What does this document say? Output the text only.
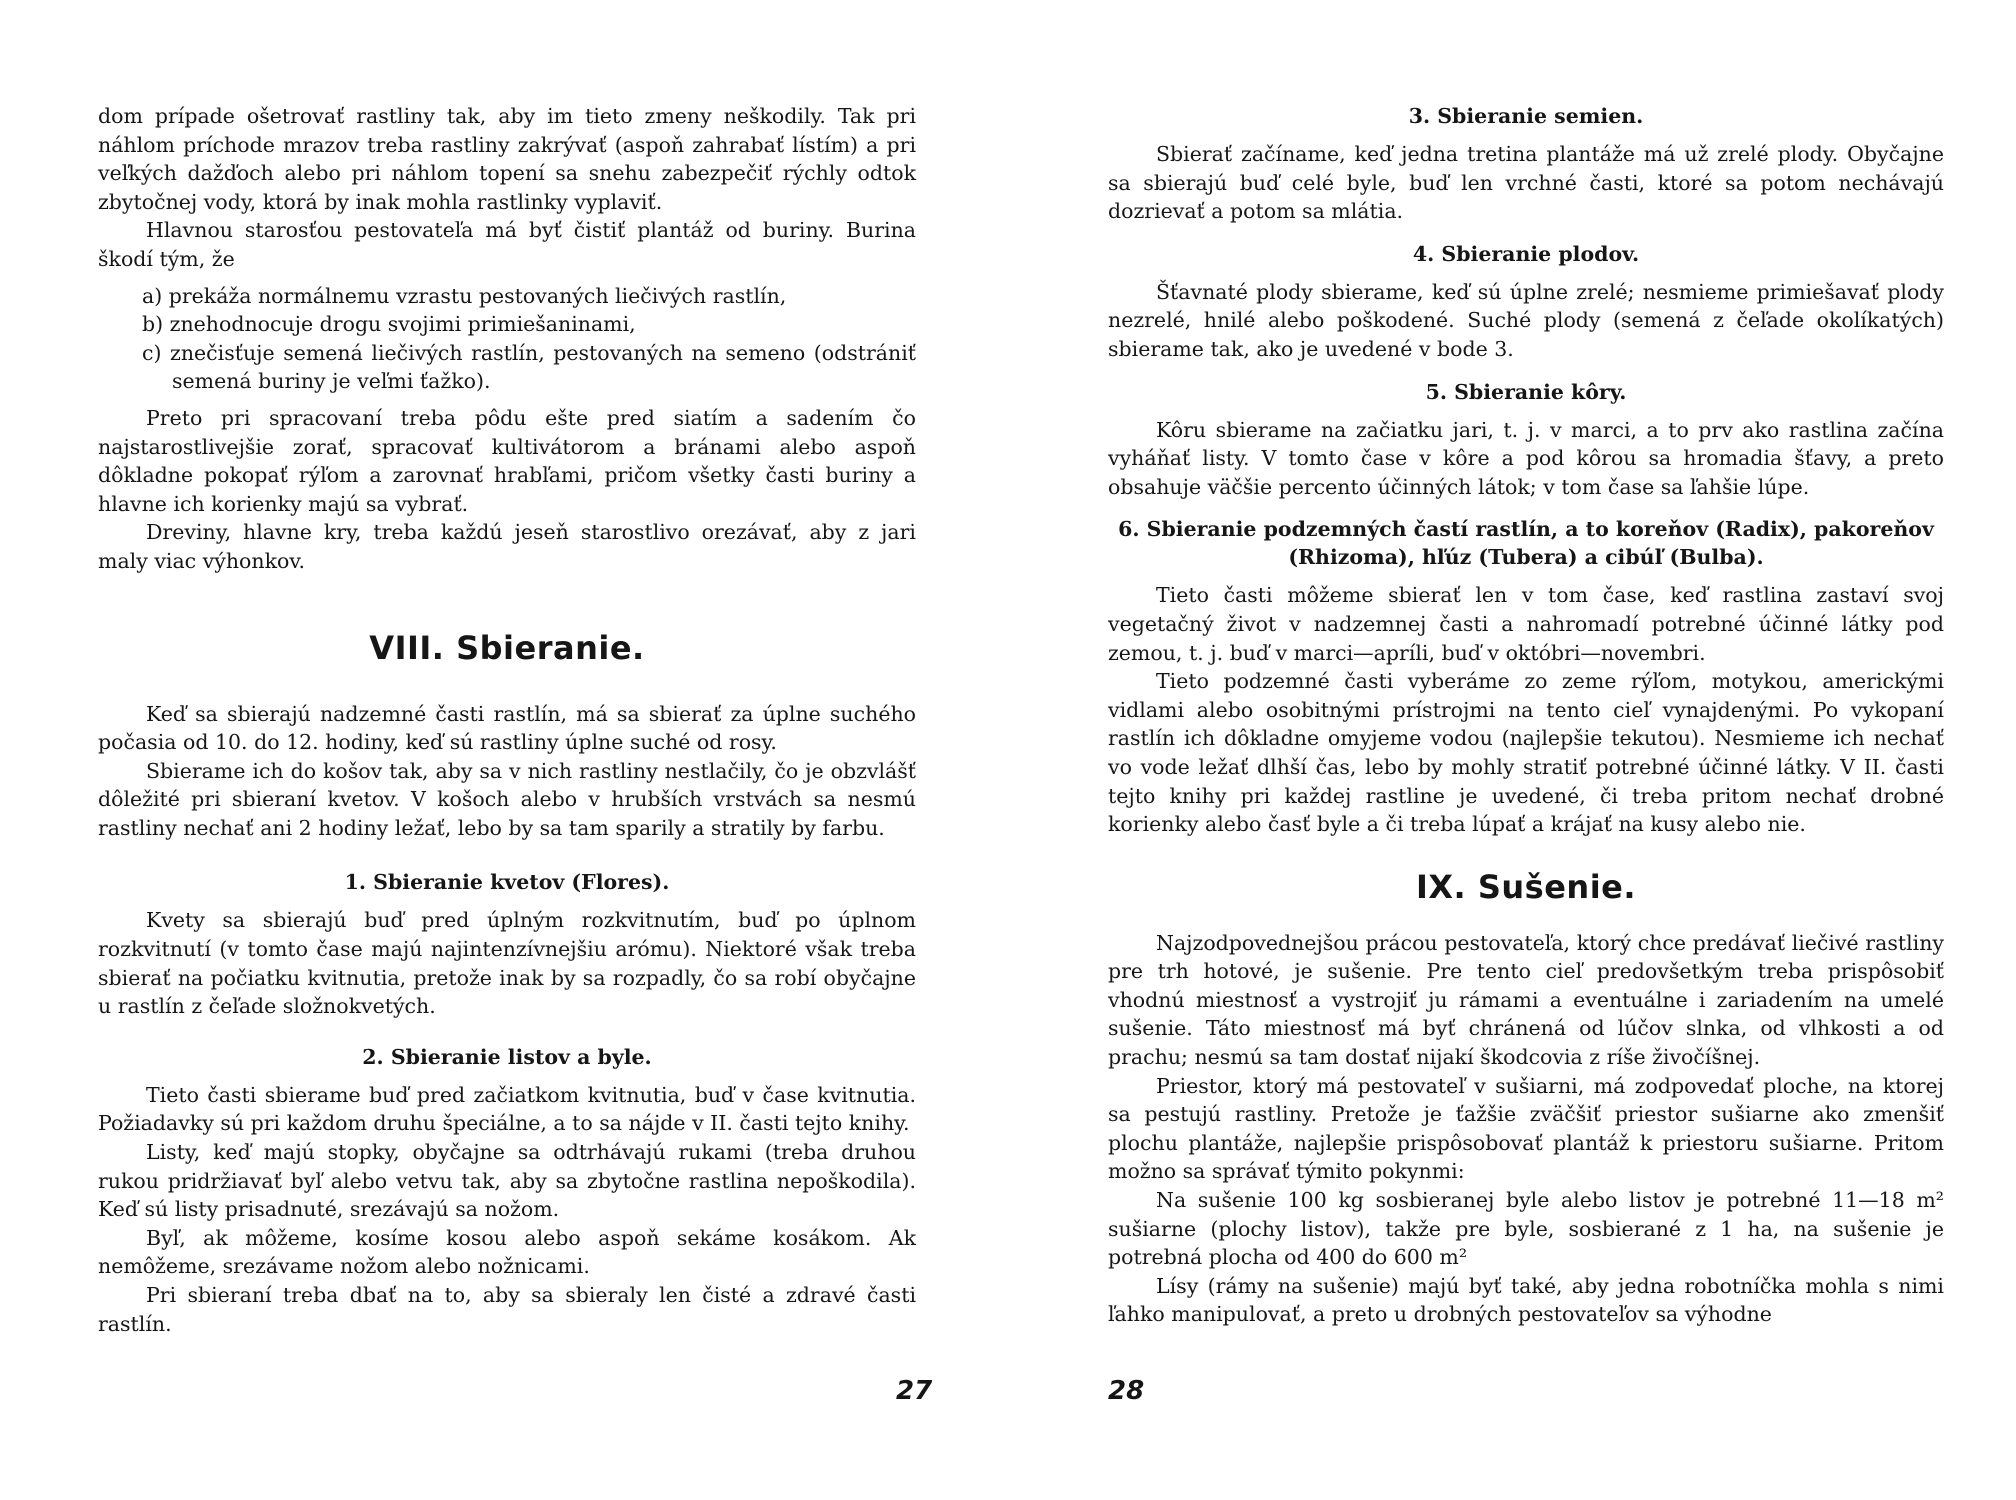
dom prípade ošetrovať rastliny tak, aby im tieto zmeny neškodily. Tak pri náhlom príchode mrazov treba rastliny zakrývať (aspoň zahrabať lístím) a pri veľkých dažďoch alebo pri náhlom topení sa snehu zabezpečiť rýchly odtok zbytočnej vody, ktorá by inak mohla rastlinky vyplaviť.

Hlavnou starosťou pestovateľa má byť čistiť plantáž od buriny. Burina škodí tým, že

a) prekáža normálnemu vzrastu pestovaných liečivých rastlín,
b) znehodnocuje drogu svojimi primiešaninami,
c) znečisťuje semená liečivých rastlín, pestovaných na semeno (odstrániť semená buriny je veľmi ťažko).

Preto pri spracovaní treba pôdu ešte pred siatím a sadením čo najstarostlivejšie zorať, spracovať kultivátorom a bránami alebo aspoň dôkladne pokopať rýľom a zarovnať hrabľami, pričom všetky časti buriny a hlavne ich korienky majú sa vybrať.

Dreviny, hlavne kry, treba každú jeseň starostlivo orezávať, aby z jari maly viac výhonkov.

VIII. Sbieranie.

Keď sa sbierajú nadzemné časti rastlín, má sa sbierať za úplne suchého počasia od 10. do 12. hodiny, keď sú rastliny úplne suché od rosy.

Sbierame ich do košov tak, aby sa v nich rastliny nestlačily, čo je obzvlášť dôležité pri sbieraní kvetov. V košoch alebo v hrubších vrstvách sa nesmú rastliny nechať ani 2 hodiny ležať, lebo by sa tam sparily a stratily by farbu.

1. Sbieranie kvetov (Flores).

Kvety sa sbierajú buď pred úplným rozkvitnutím, buď po úplnom rozkvitnutí (v tomto čase majú najintenzívnejšiu arómu). Niektoré však treba sbierať na počiatku kvitnutia, pretože inak by sa rozpadly, čo sa robí obyčajne u rastlín z čeľade složnokvetých.

2. Sbieranie listov a byle.

Tieto časti sbierame buď pred začiatkom kvitnutia, buď v čase kvitnutia. Požiadavky sú pri každom druhu špeciálne, a to sa nájde v II. časti tejto knihy.

Listy, keď majú stopky, obyčajne sa odtrhávajú rukami (treba druhou rukou pridržiavať byľ alebo vetvu tak, aby sa zbytočne rastlina nepoškodila). Keď sú listy prisadnuté, srezávajú sa nožom.

Byľ, ak môžeme, kosíme kosou alebo aspoň sekáme kosákom. Ak nemôžeme, srezávame nožom alebo nožnicami.

Pri sbieraní treba dbať na to, aby sa sbieraly len čisté a zdravé časti rastlín.

27
3. Sbieranie semien.

Sbierať začíname, keď jedna tretina plantáže má už zrelé plody. Obyčajne sa sbierajú buď celé byle, buď len vrchné časti, ktoré sa potom nechávajú dozrievať a potom sa mlátia.

4. Sbieranie plodov.

Šťavnaté plody sbierame, keď sú úplne zrelé; nesmieme primiešavať plody nezrelé, hnilé alebo poškodené. Suché plody (semená z čeľade okolíkatých) sbierame tak, ako je uvedené v bode 3.

5. Sbieranie kôry.

Kôru sbierame na začiatku jari, t. j. v marci, a to prv ako rastlina začína vyháňať listy. V tomto čase v kôre a pod kôrou sa hromadia šťavy, a preto obsahuje väčšie percento účinných látok; v tom čase sa ľahšie lúpe.

6. Sbieranie podzemných častí rastlín, a to koreňov (Radix), pakoreňov (Rhizoma), hľúz (Tubera) a cibúľ (Bulba).

Tieto časti môžeme sbierať len v tom čase, keď rastlina zastaví svoj vegetačný život v nadzemnej časti a nahromadí potrebné účinné látky pod zemou, t. j. buď v marci—apríli, buď v októbri—novembri.

Tieto podzemné časti vyberáme zo zeme rýľom, motykou, americkými vidlami alebo osobitnými prístrojmi na tento cieľ vynajdenými. Po vykopaní rastlín ich dôkladne omyjeme vodou (najlepšie tekutou). Nesmieme ich nechať vo vode ležať dlhší čas, lebo by mohly stratiť potrebné účinné látky. V II. časti tejto knihy pri každej rastline je uvedené, či treba pritom nechať drobné korienky alebo časť byle a či treba lúpať a krájať na kusy alebo nie.

IX. Sušenie.

Najzodpovednejšou prácou pestovateľa, ktorý chce predávať liečivé rastliny pre trh hotové, je sušenie. Pre tento cieľ predovšetkým treba prispôsobiť vhodnú miestnosť a vystrojiť ju rámami a eventuálne i zariadením na umelé sušenie. Táto miestnosť má byť chránená od lúčov slnka, od vlhkosti a od prachu; nesmú sa tam dostať nijakí škodcovia z ríše živočíšnej.

Priestor, ktorý má pestovateľ v sušiarni, má zodpovedať ploche, na ktorej sa pestujú rastliny. Pretože je ťažšie zväčšiť priestor sušiarne ako zmenšiť plochu plantáže, najlepšie prispôsobovať plantáž k priestoru sušiarne. Pritom možno sa správať týmito pokynmi:

Na sušenie 100 kg sosbieranej byle alebo listov je potrebné 11—18 m² sušiarne (plochy listov), takže pre byle, sosbierané z 1 ha, na sušenie je potrebná plocha od 400 do 600 m²

Lísy (rámy na sušenie) majú byť také, aby jedna robotníčka mohla s nimi ľahko manipulovať, a preto u drobných pestovateľov sa výhodne

28
